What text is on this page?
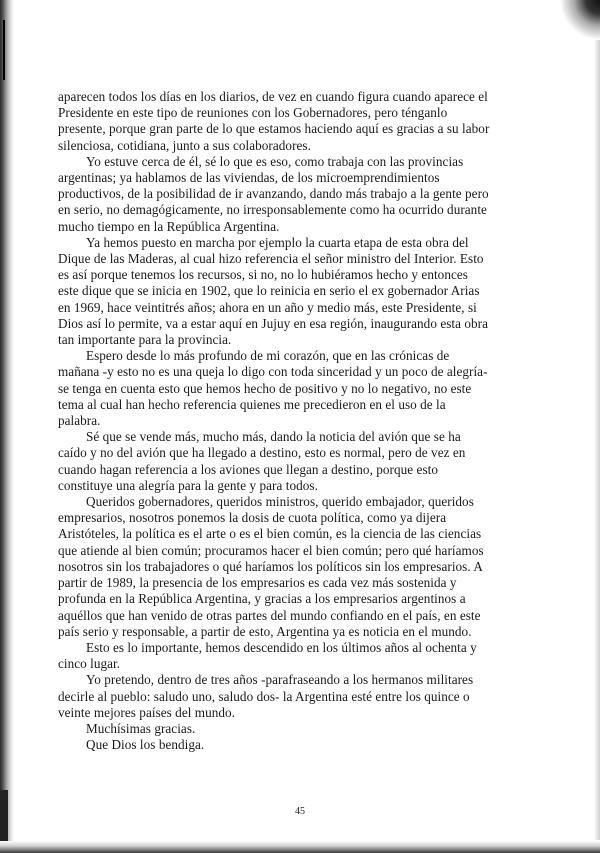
aparecen todos los días en los diarios, de vez en cuando figura cuando aparece el Presidente en este tipo de reuniones con los Gobernadores, pero ténganlo presente, porque gran parte de lo que estamos haciendo aquí es gracias a su labor silenciosa, cotidiana, junto a sus colaboradores.

Yo estuve cerca de él, sé lo que es eso, como trabaja con las provincias argentinas; ya hablamos de las viviendas, de los microemprendimientos productivos, de la posibilidad de ir avanzando, dando más trabajo a la gente pero en serio, no demagógicamente, no irresponsablemente como ha ocurrido durante mucho tiempo en la República Argentina.

Ya hemos puesto en marcha por ejemplo la cuarta etapa de esta obra del Dique de las Maderas, al cual hizo referencia el señor ministro del Interior. Esto es así porque tenemos los recursos, si no, no lo hubiéramos hecho y entonces este dique que se inicia en 1902, que lo reinicia en serio el ex gobernador Arias en 1969, hace veintitrés años; ahora en un año y medio más, este Presidente, si Dios así lo permite, va a estar aquí en Jujuy en esa región, inaugurando esta obra tan importante para la provincia.

Espero desde lo más profundo de mi corazón, que en las crónicas de mañana -y esto no es una queja lo digo con toda sinceridad y un poco de alegría- se tenga en cuenta esto que hemos hecho de positivo y no lo negativo, no este tema al cual han hecho referencia quienes me precedieron en el uso de la palabra.

Sé que se vende más, mucho más, dando la noticia del avión que se ha caído y no del avión que ha llegado a destino, esto es normal, pero de vez en cuando hagan referencia a los aviones que llegan a destino, porque esto constituye una alegría para la gente y para todos.

Queridos gobernadores, queridos ministros, querido embajador, queridos empresarios, nosotros ponemos la dosis de cuota política, como ya dijera Aristóteles, la política es el arte o es el bien común, es la ciencia de las ciencias que atiende al bien común; procuramos hacer el bien común; pero qué haríamos nosotros sin los trabajadores o qué haríamos los políticos sin los empresarios. A partir de 1989, la presencia de los empresarios es cada vez más sostenida y profunda en la República Argentina, y gracias a los empresarios argentinos a aquéllos que han venido de otras partes del mundo confiando en el país, en este país serio y responsable, a partir de esto, Argentina ya es noticia en el mundo.

Esto es lo importante, hemos descendido en los últimos años al ochenta y cinco lugar.

Yo pretendo, dentro de tres años -parafraseando a los hermanos militares decirle al pueblo: saludo uno, saludo dos- la Argentina esté entre los quince o veinte mejores países del mundo.

Muchísimas gracias.

Que Dios los bendiga.

45
